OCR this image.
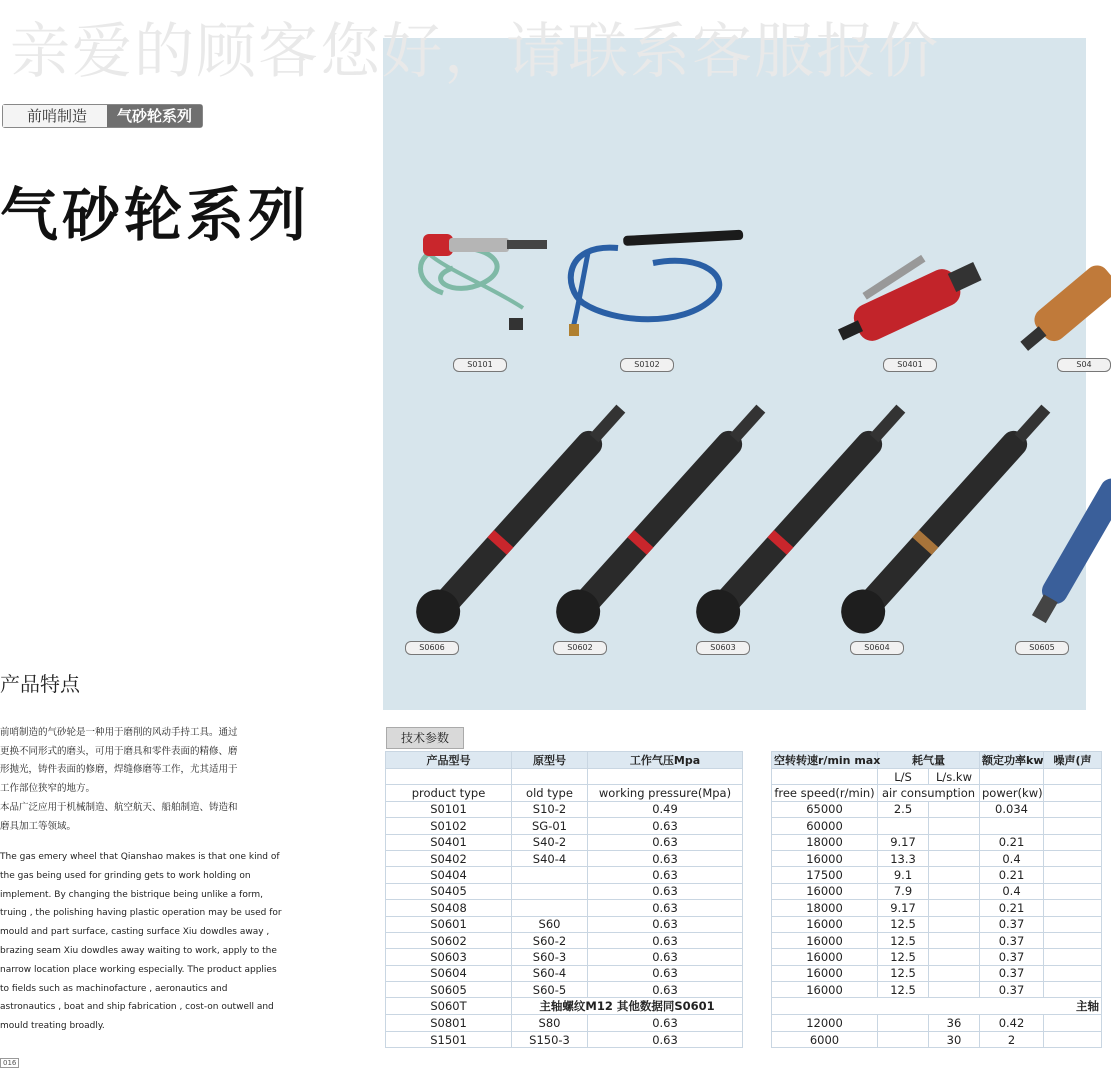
亲爱的顾客您好，请联系客服报价
前哨制造	气砂轮系列
气砂轮系列
S0101	S0102	S0401	S04
S0606	S0602	S0603	S0604	S0605
产品特点

前哨制造的气砂轮是一种用于磨削的风动手持工具。通过

更换不同形式的磨头，可用于磨具和零件表面的精修、磨

形抛光，铸件表面的修磨，焊缝修磨等工作，尤其适用于

工作部位狭窄的地方。

本品广泛应用于机械制造、航空航天、船舶制造、铸造和

磨具加工等领域。

The gas emery wheel that Qianshao makes is that one kind of

the gas being used for grinding gets to work holding on

implement. By changing the bistrique being unlike a form,

truing , the polishing having plastic operation may be used for

mould and part surface, casting surface Xiu dowdles away ,

brazing seam Xiu dowdles away waiting to work, apply to the

narrow location place working especially. The product applies

to fields such as machinofacture , aeronautics and

astronautics , boat and ship fabrication , cost-on outwell and

mould treating broadly.

016
技术参数
产品型号	原型号	工作气压Mpa

product type	old type	working pressure(Mpa)
S0101	S10-2	0.49
S0102	SG-01	0.63
S0401	S40-2	0.63
S0402	S40-4	0.63
S0404		0.63
S0405		0.63
S0408		0.63
S0601	S60	0.63
S0602	S60-2	0.63
S0603	S60-3	0.63
S0604	S60-4	0.63
S0605	S60-5	0.63
S060T	主轴螺纹M12 其他数据同S0601	
S0801	S80	0.63
S1501	S150-3	0.63
空转转速r/min max	耗气量		额定功率kw	噪声(声
	L/S	L/s.kw		
free speed(r/min)	air consumption		power(kw)	
65000	2.5		0.034	
60000				
18000	9.17		0.21	
16000	13.3		0.4	
17500	9.1		0.21	
16000	7.9		0.4	
18000	9.17		0.21	
16000	12.5		0.37	
16000	12.5		0.37	
16000	12.5		0.37	
16000	12.5		0.37	
16000	12.5		0.37	
主轴				
12000		36	0.42	
6000		30	2	
